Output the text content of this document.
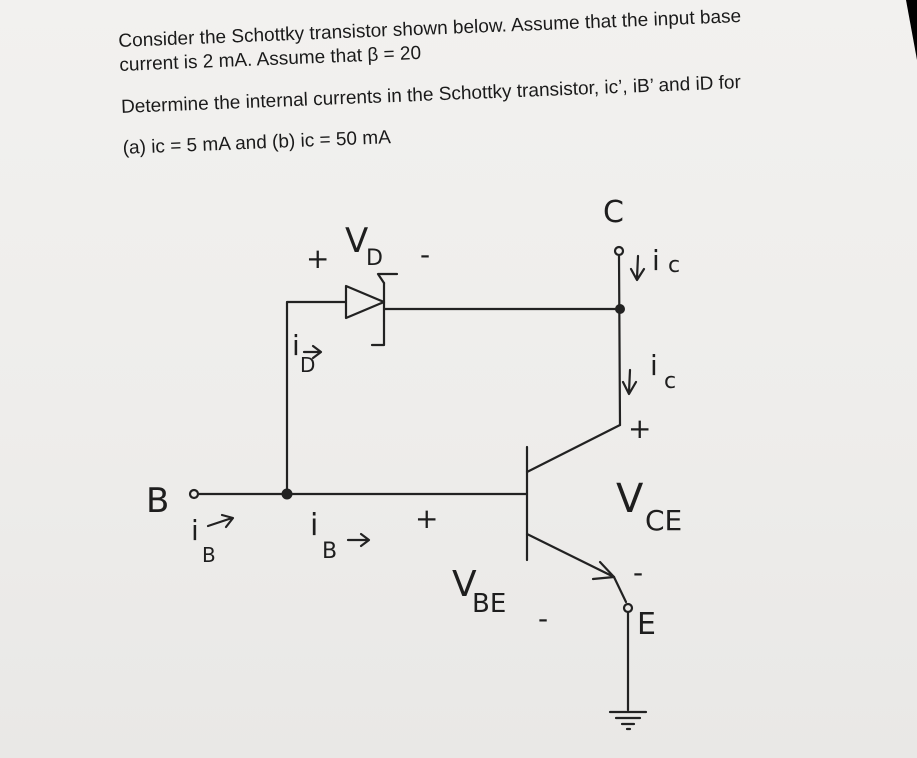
Consider the Schottky transistor shown below. Assume that the input base

current is 2 mA. Assume that β = 20

Determine the internal currents in the Schottky transistor, ic’, iB’ and iD for

(a) ic = 5 mA and (b) ic = 50 mA

C
i c
+ V
D -
i
D	i c
+
V CE
-
B
i
B
i
B
+
V
BE -	E
